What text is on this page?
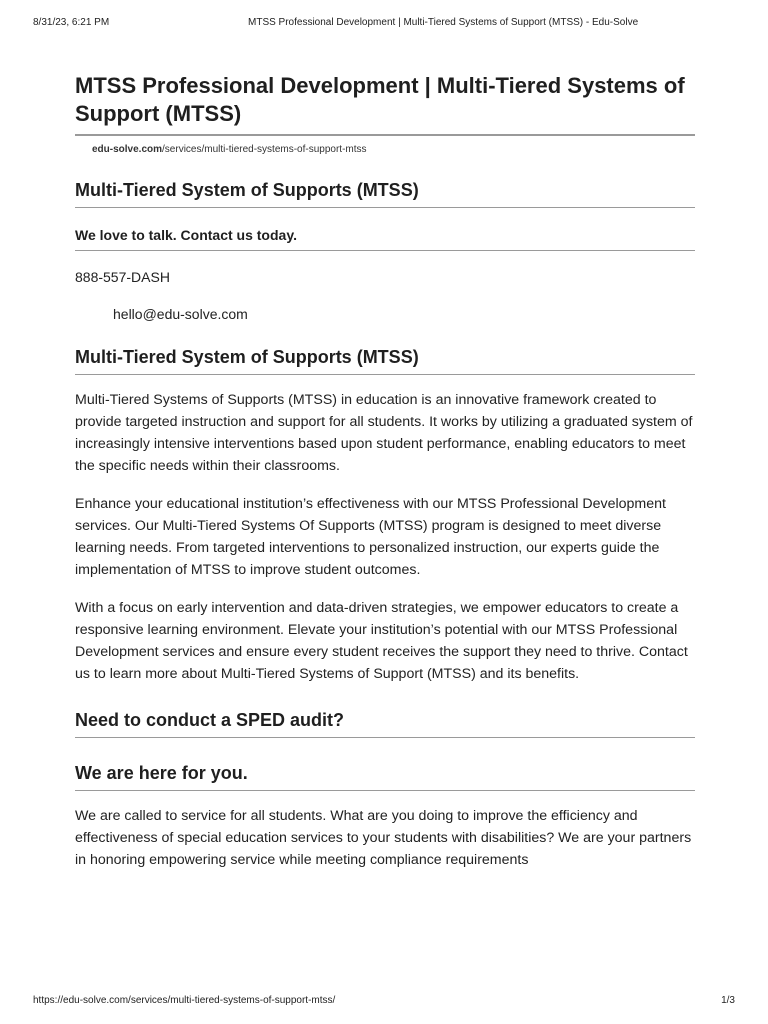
8/31/23, 6:21 PM	MTSS Professional Development | Multi-Tiered Systems of Support (MTSS) - Edu-Solve
MTSS Professional Development | Multi-Tiered Systems of Support (MTSS)
edu-solve.com/services/multi-tiered-systems-of-support-mtss
Multi-Tiered System of Supports (MTSS)
We love to talk. Contact us today.
888-557-DASH
hello@edu-solve.com
Multi-Tiered System of Supports (MTSS)

Multi-Tiered Systems of Supports (MTSS) in education is an innovative framework created to provide targeted instruction and support for all students. It works by utilizing a graduated system of increasingly intensive interventions based upon student performance, enabling educators to meet the specific needs within their classrooms.

Enhance your educational institution’s effectiveness with our MTSS Professional Development services. Our Multi-Tiered Systems Of Supports (MTSS) program is designed to meet diverse learning needs. From targeted interventions to personalized instruction, our experts guide the implementation of MTSS to improve student outcomes.

With a focus on early intervention and data-driven strategies, we empower educators to create a responsive learning environment. Elevate your institution’s potential with our MTSS Professional Development services and ensure every student receives the support they need to thrive. Contact us to learn more about Multi-Tiered Systems of Support (MTSS) and its benefits.

Need to conduct a SPED audit?
We are here for you.

We are called to service for all students. What are you doing to improve the efficiency and effectiveness of special education services to your students with disabilities? We are your partners in honoring empowering service while meeting compliance requirements

https://edu-solve.com/services/multi-tiered-systems-of-support-mtss/	1/3
